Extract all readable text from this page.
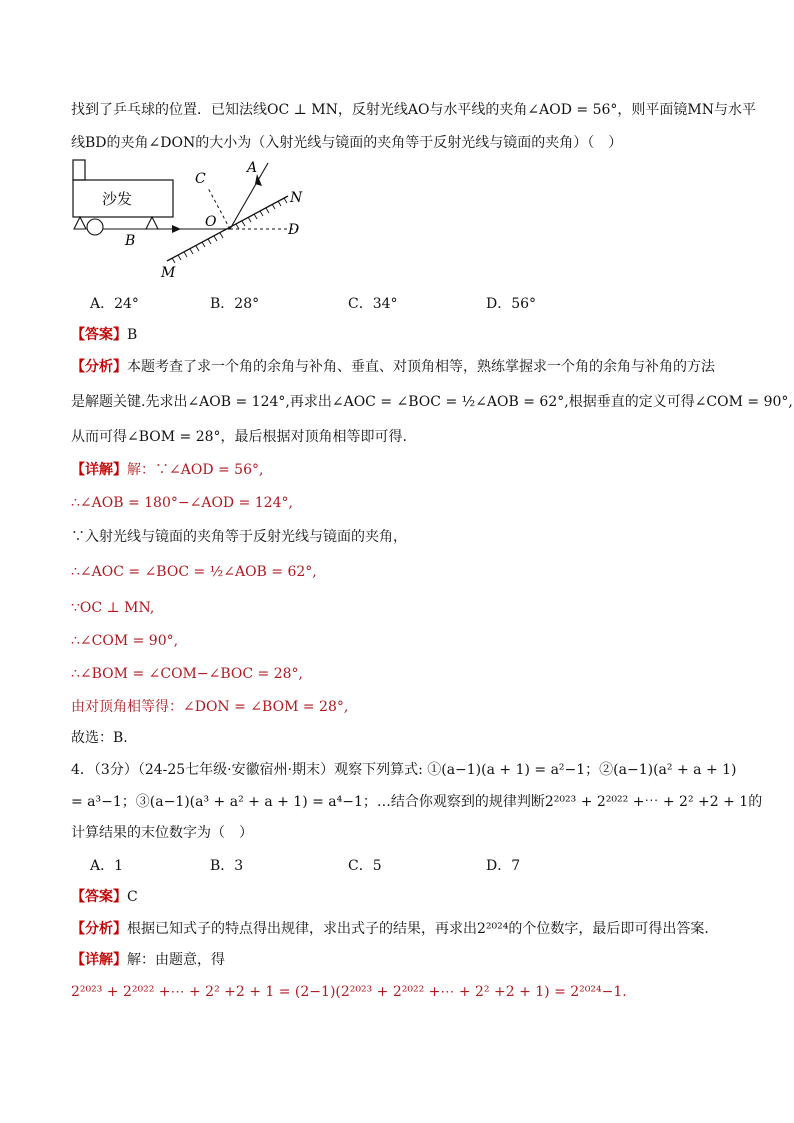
找到了乒乓球的位置．已知法线OC ⊥ MN，反射光线AO与水平线的夹角∠AOD = 56°，则平面镜MN与水平
线BD的夹角∠DON的大小为（入射光线与镜面的夹角等于反射光线与镜面的夹角）（　）
沙发
A
C
N
O	D
B
M
A．24°	B．28°	C．34°	D．56°
【答案】B
【分析】本题考查了求一个角的余角与补角、垂直、对顶角相等，熟练掌握求一个角的余角与补角的方法
是解题关键.先求出∠AOB = 124°,再求出∠AOC = ∠BOC = ½∠AOB = 62°,根据垂直的定义可得∠COM = 90°,
从而可得∠BOM = 28°，最后根据对顶角相等即可得.
【详解】解：∵∠AOD = 56°,
∴∠AOB = 180°−∠AOD = 124°,
∵入射光线与镜面的夹角等于反射光线与镜面的夹角，
∴∠AOC = ∠BOC = ½∠AOB = 62°,
∵OC ⊥ MN,
∴∠COM = 90°,
∴∠BOM = ∠COM−∠BOC = 28°,
由对顶角相等得：∠DON = ∠BOM = 28°,
故选：B.
4．（3分）（24-25七年级·安徽宿州·期末）观察下列算式: ①(a−1)(a + 1) = a²−1；②(a−1)(a² + a + 1)
= a³−1；③(a−1)(a³ + a² + a + 1) = a⁴−1；…结合你观察到的规律判断2²⁰²³ + 2²⁰²² +⋯ + 2² +2 + 1的
计算结果的末位数字为（　）
A．1	B．3	C．5	D．7
【答案】C
【分析】根据已知式子的特点得出规律，求出式子的结果，再求出2²⁰²⁴的个位数字，最后即可得出答案.
【详解】解：由题意，得
2²⁰²³ + 2²⁰²² +⋯ + 2² +2 + 1 = (2−1)(2²⁰²³ + 2²⁰²² +⋯ + 2² +2 + 1) = 2²⁰²⁴−1.
